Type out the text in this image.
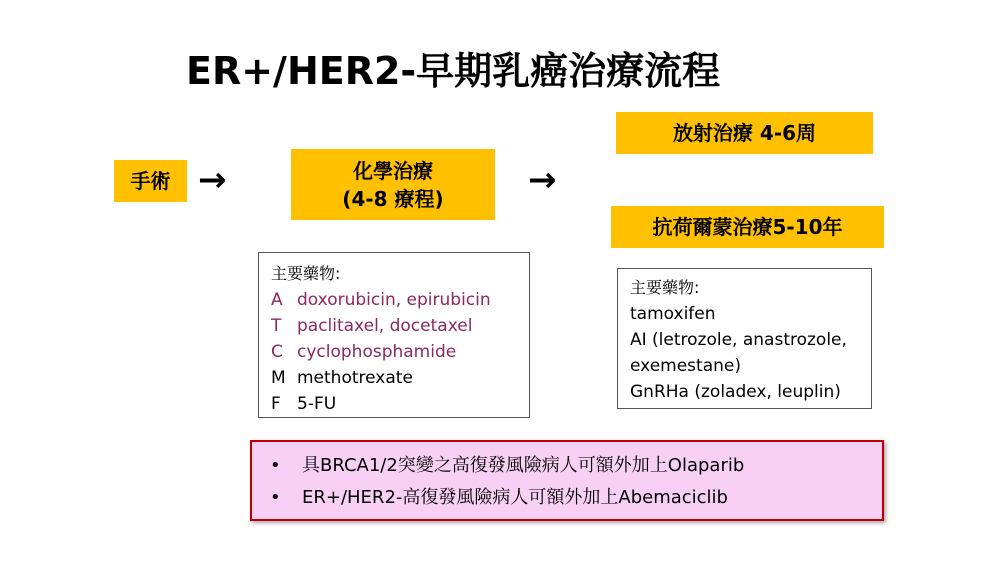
ER+/HER2-早期乳癌治療流程
手術 →	化學治療
(4-8 療程) →
放射治療 4-6周
抗荷爾蒙治療5-10年
主要藥物:
A doxorubicin, epirubicin
T paclitaxel, docetaxel
C cyclophosphamide
M methotrexate
F 5-FU
主要藥物:
tamoxifen
AI (letrozole, anastrozole,
exemestane)
GnRHa (zoladex, leuplin)
• 具BRCA1/2突變之高復發風險病人可額外加上Olaparib
• ER+/HER2-高復發風險病人可額外加上Abemaciclib
